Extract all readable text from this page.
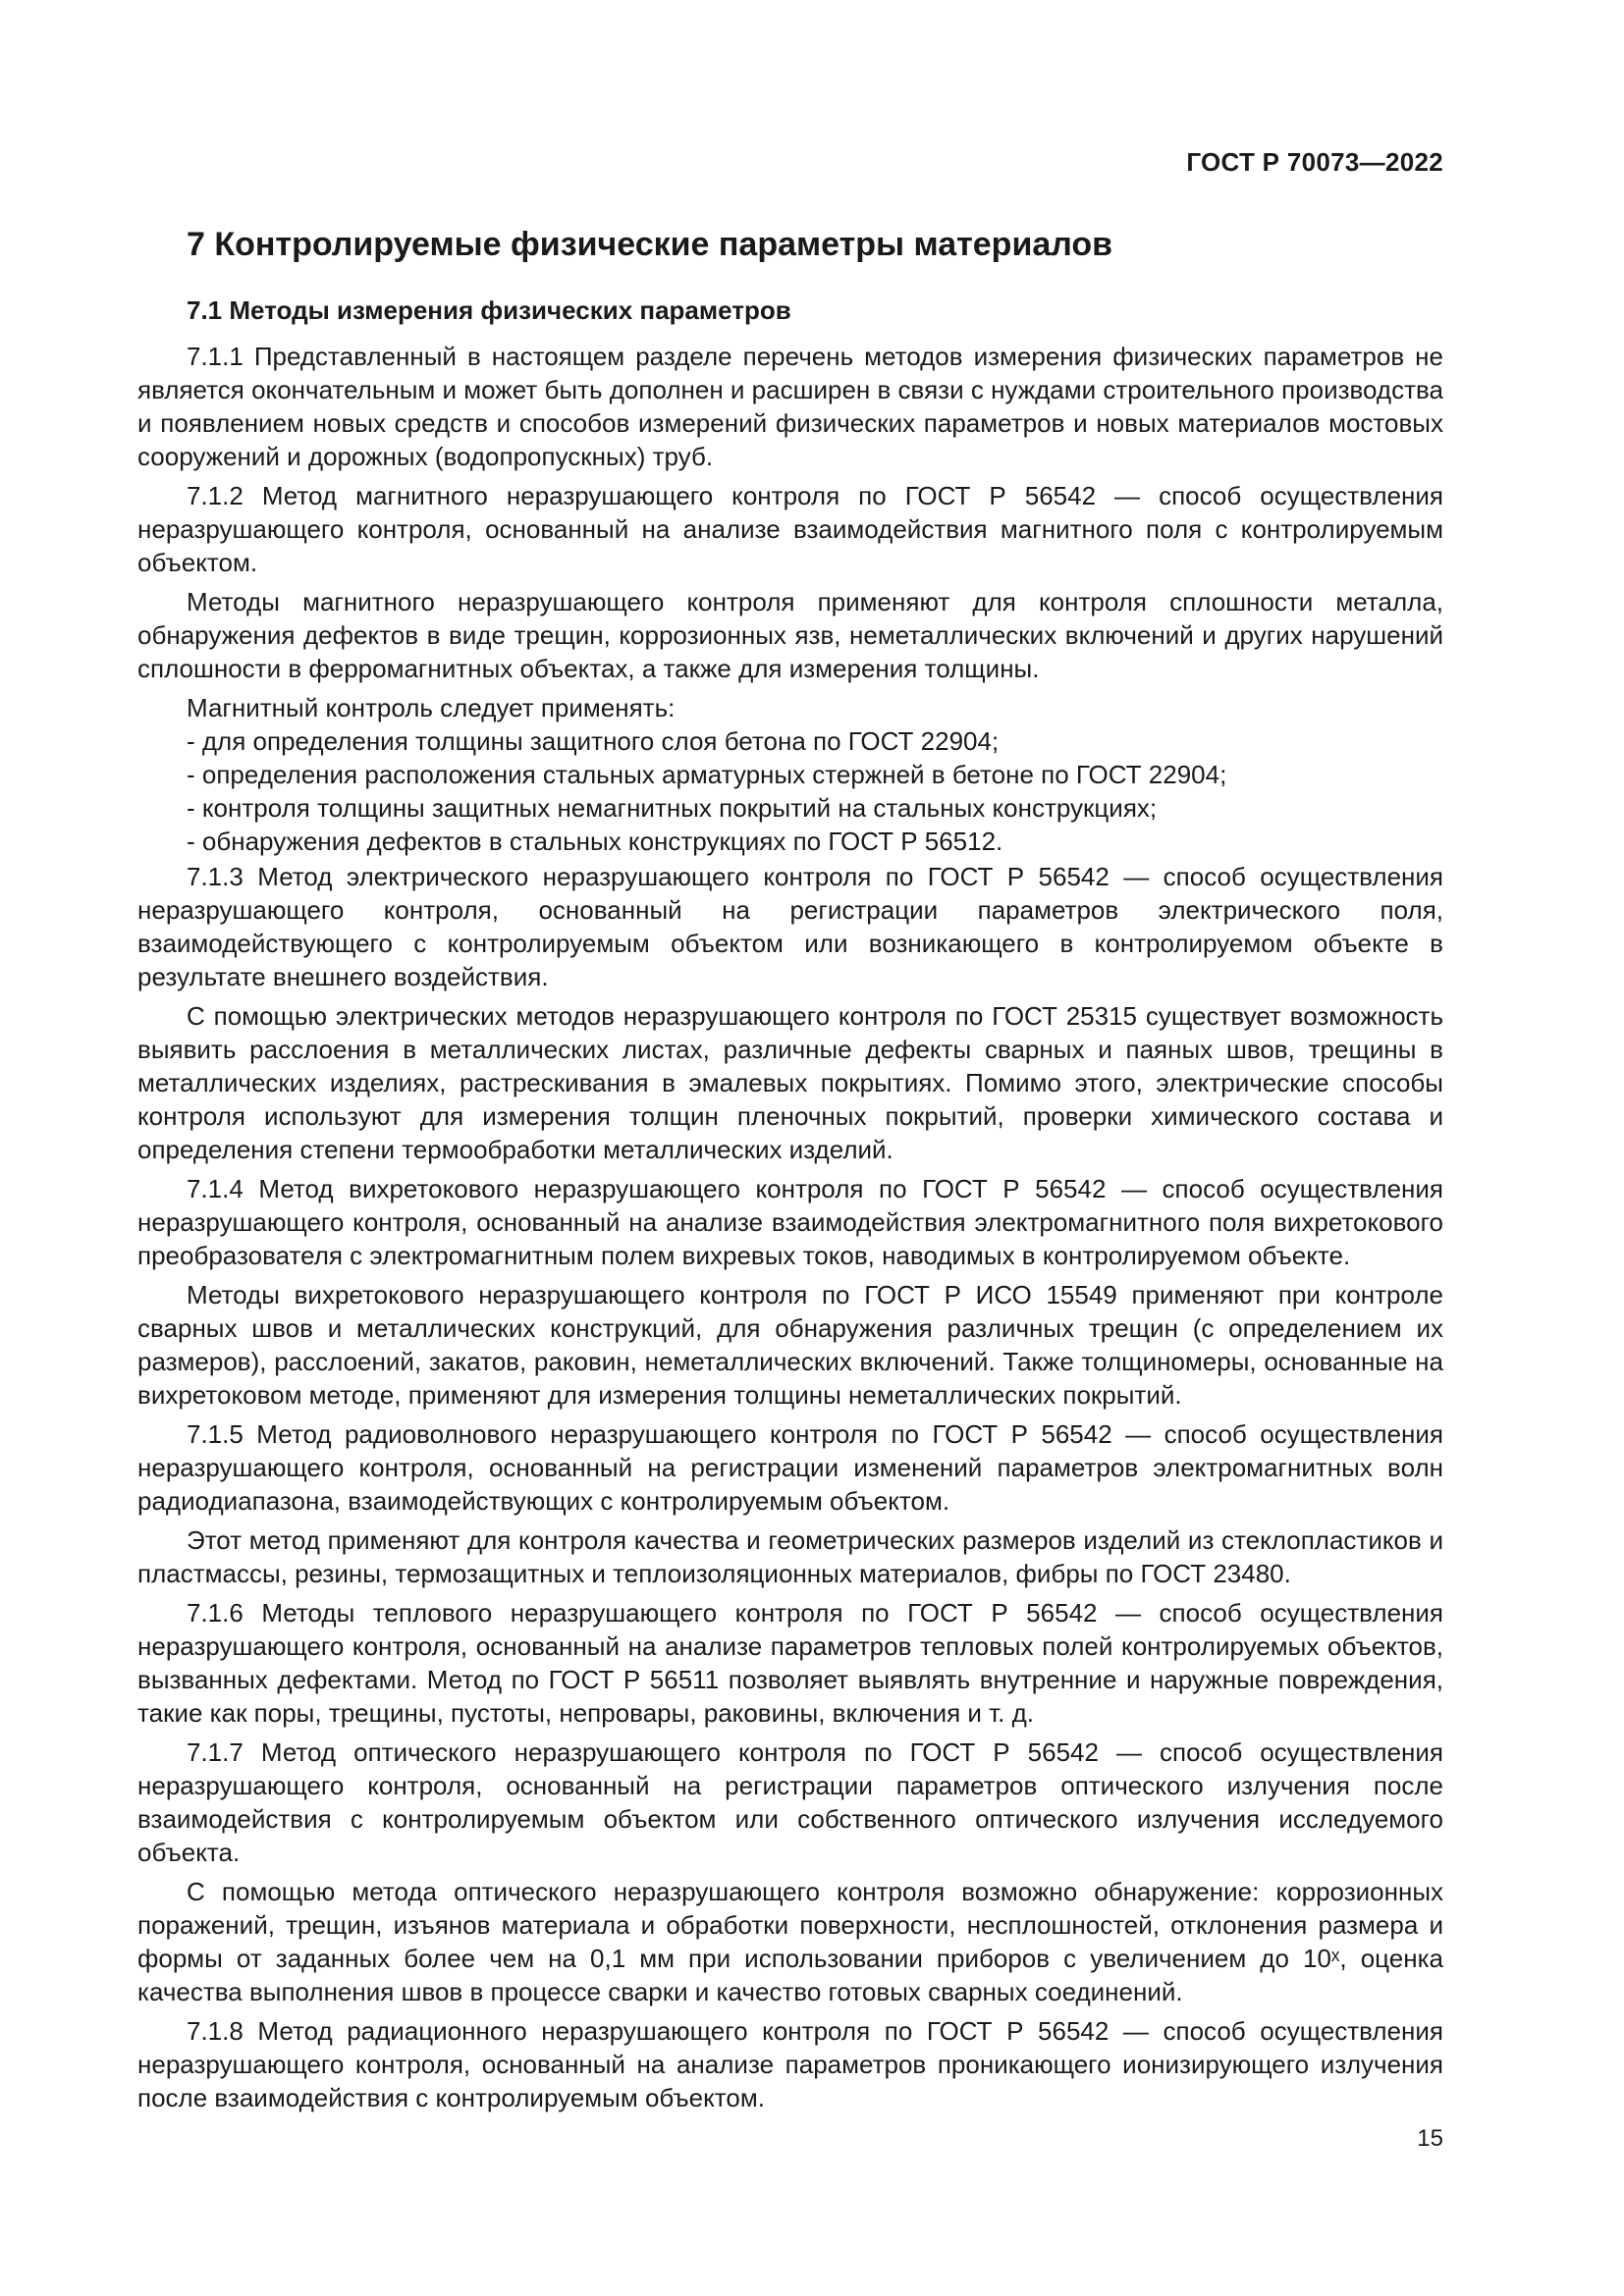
ГОСТ Р 70073—2022
7 Контролируемые физические параметры материалов
7.1 Методы измерения физических параметров

7.1.1 Представленный в настоящем разделе перечень методов измерения физических параметров не является окончательным и может быть дополнен и расширен в связи с нуждами строительного производства и появлением новых средств и способов измерений физических параметров и новых материалов мостовых сооружений и дорожных (водопропускных) труб.

7.1.2 Метод магнитного неразрушающего контроля по ГОСТ Р 56542 — способ осуществления неразрушающего контроля, основанный на анализе взаимодействия магнитного поля с контролируемым объектом.

Методы магнитного неразрушающего контроля применяют для контроля сплошности металла, обнаружения дефектов в виде трещин, коррозионных язв, неметаллических включений и других нарушений сплошности в ферромагнитных объектах, а также для измерения толщины.

Магнитный контроль следует применять:

- для определения толщины защитного слоя бетона по ГОСТ 22904;
- определения расположения стальных арматурных стержней в бетоне по ГОСТ 22904;
- контроля толщины защитных немагнитных покрытий на стальных конструкциях;
- обнаружения дефектов в стальных конструкциях по ГОСТ Р 56512.

7.1.3 Метод электрического неразрушающего контроля по ГОСТ Р 56542 — способ осуществления неразрушающего контроля, основанный на регистрации параметров электрического поля, взаимодействующего с контролируемым объектом или возникающего в контролируемом объекте в результате внешнего воздействия.

С помощью электрических методов неразрушающего контроля по ГОСТ 25315 существует возможность выявить расслоения в металлических листах, различные дефекты сварных и паяных швов, трещины в металлических изделиях, растрескивания в эмалевых покрытиях. Помимо этого, электрические способы контроля используют для измерения толщин пленочных покрытий, проверки химического состава и определения степени термообработки металлических изделий.

7.1.4 Метод вихретокового неразрушающего контроля по ГОСТ Р 56542 — способ осуществления неразрушающего контроля, основанный на анализе взаимодействия электромагнитного поля вихретокового преобразователя с электромагнитным полем вихревых токов, наводимых в контролируемом объекте.

Методы вихретокового неразрушающего контроля по ГОСТ Р ИСО 15549 применяют при контроле сварных швов и металлических конструкций, для обнаружения различных трещин (с определением их размеров), расслоений, закатов, раковин, неметаллических включений. Также толщиномеры, основанные на вихретоковом методе, применяют для измерения толщины неметаллических покрытий.

7.1.5 Метод радиоволнового неразрушающего контроля по ГОСТ Р 56542 — способ осуществления неразрушающего контроля, основанный на регистрации изменений параметров электромагнитных волн радиодиапазона, взаимодействующих с контролируемым объектом.

Этот метод применяют для контроля качества и геометрических размеров изделий из стеклопластиков и пластмассы, резины, термозащитных и теплоизоляционных материалов, фибры по ГОСТ 23480.

7.1.6 Методы теплового неразрушающего контроля по ГОСТ Р 56542 — способ осуществления неразрушающего контроля, основанный на анализе параметров тепловых полей контролируемых объектов, вызванных дефектами. Метод по ГОСТ Р 56511 позволяет выявлять внутренние и наружные повреждения, такие как поры, трещины, пустоты, непровары, раковины, включения и т. д.

7.1.7 Метод оптического неразрушающего контроля по ГОСТ Р 56542 — способ осуществления неразрушающего контроля, основанный на регистрации параметров оптического излучения после взаимодействия с контролируемым объектом или собственного оптического излучения исследуемого объекта.

С помощью метода оптического неразрушающего контроля возможно обнаружение: коррозионных поражений, трещин, изъянов материала и обработки поверхности, несплошностей, отклонения размера и формы от заданных более чем на 0,1 мм при использовании приборов с увеличением до 10ˣ, оценка качества выполнения швов в процессе сварки и качество готовых сварных соединений.

7.1.8 Метод радиационного неразрушающего контроля по ГОСТ Р 56542 — способ осуществления неразрушающего контроля, основанный на анализе параметров проникающего ионизирующего излучения после взаимодействия с контролируемым объектом.

15
